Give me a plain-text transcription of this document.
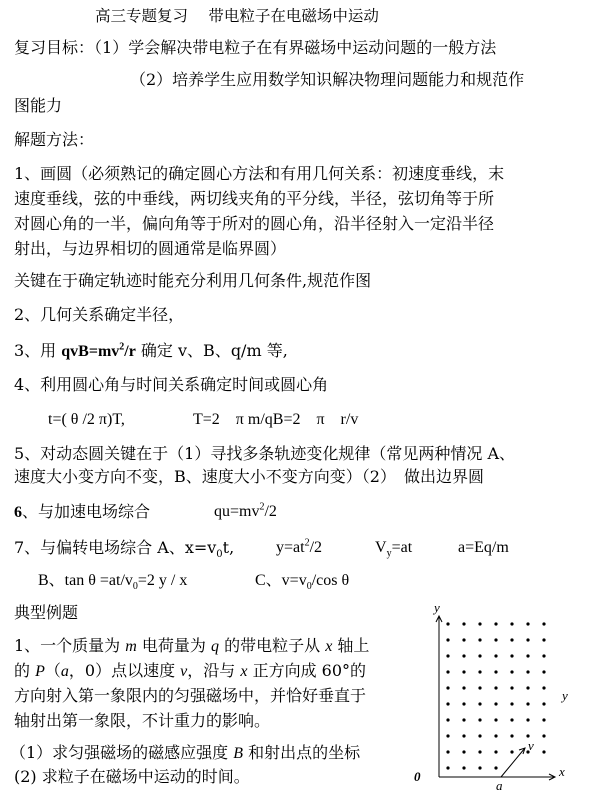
高三专题复习　 带电粒子在电磁场中运动
复习目标：（1）学会解决带电粒子在有界磁场中运动问题的一般方法
（2）培养学生应用数学知识解决物理问题能力和规范作
图能力
解题方法：
1、画圆（必须熟记的确定圆心方法和有用几何关系：初速度垂线，末
速度垂线，弦的中垂线，两切线夹角的平分线，半径，弦切角等于所
对圆心角的一半，偏向角等于所对的圆心角，沿半径射入一定沿半径
射出，与边界相切的圆通常是临界圆）
关键在于确定轨迹时能充分利用几何条件,规范作图
2、几何关系确定半径，
3、用 $qvB=mv^2/r$ 确定 v、B、q/m 等,
4、利用圆心角与时间关系确定时间或圆心角
t=( θ /2 π)T,	T=2　π m/qB=2　π　r/v
5、对动态圆关键在于（1）寻找多条轨迹变化规律（常见两种情况 A、
速度大小变方向不变，B、速度大小不变方向变）（2）　做出边界圆
6、与加速电场综合	$qu=mv^2/2$
7、与偏转电场综合 A、$x=v_0t$,	$y=at^2/2$	$V_y=at$	a=Eq/m
B、$\tan \theta =at/v_0=2$ y / x	C、$v=v_0/\cos$ θ
典型例题
1、一个质量为 m 电荷量为 q 的带电粒子从 x 轴上
的 P（a，0）点以速度 v，沿与 x 正方向成 60°的
方向射入第一象限内的匀强磁场中，并恰好垂直于
轴射出第一象限，不计重力的影响。
（1）求匀强磁场的磁感应强度 B 和射出点的坐标
(2) 求粒子在磁场中运动的时间。
y
y
x
0
v
a
